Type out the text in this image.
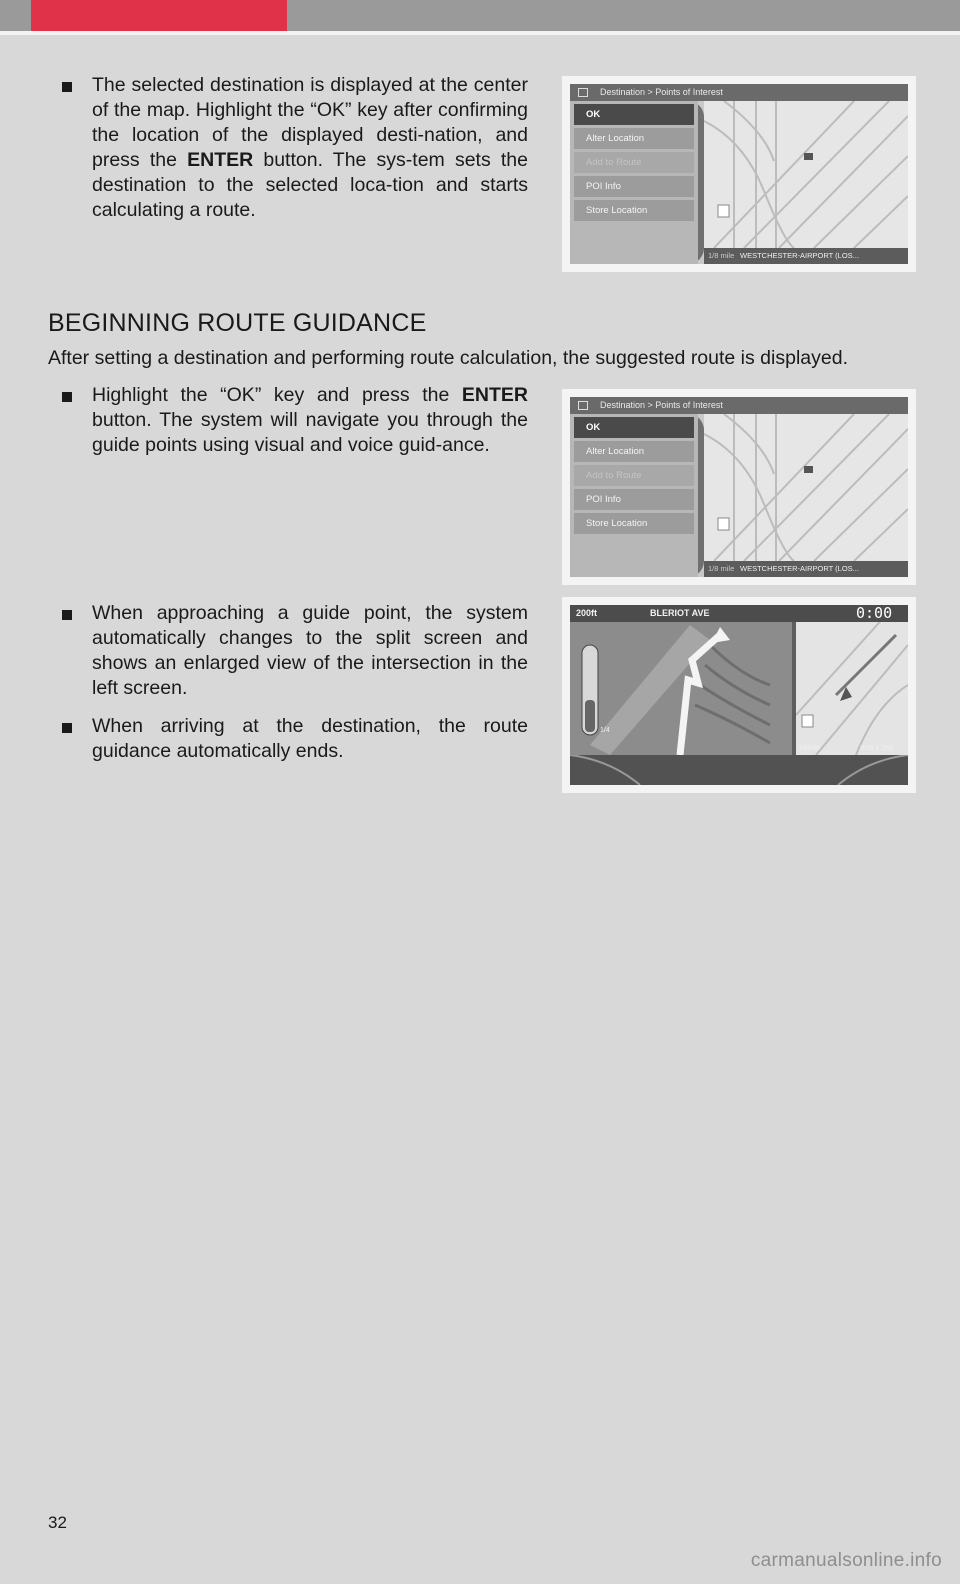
The selected destination is displayed at the center of the map. Highlight the “OK” key after confirming the location of the displayed desti-nation, and press the ENTER button. The sys-tem sets the destination to the selected loca-tion and starts calculating a route.
Destination > Points of Interest
OK
Alter Location
Add to Route
POI Info
Store Location
1/8 mile WESTCHESTER-AIRPORT (LOS...
BEGINNING ROUTE GUIDANCE
After setting a destination and performing route calculation, the suggested route is displayed.
Highlight the “OK” key and press the ENTER button. The system will navigate you through the guide points using visual and voice guid-ance.
Destination > Points of Interest
OK
Alter Location
Add to Route
POI Info
Store Location
1/8 mile WESTCHESTER-AIRPORT (LOS...
When approaching a guide point, the system automatically changes to the split screen and shows an enlarged view of the intersection in the left screen.
When arriving at the destination, the route guidance automatically ends.
1/4
200ft	BLERIOT AVE	0:00
1/8mile	0:06 1.7mi
32
carmanualsonline.info
